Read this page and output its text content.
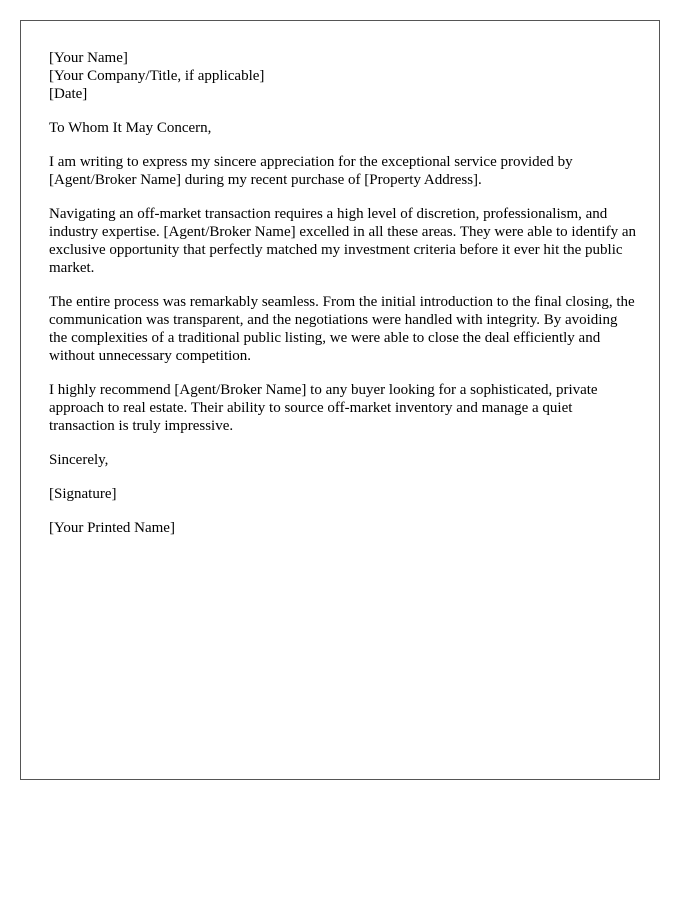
[Your Name]
[Your Company/Title, if applicable]
[Date]

To Whom It May Concern,

I am writing to express my sincere appreciation for the exceptional service provided by [Agent/Broker Name] during my recent purchase of [Property Address].

Navigating an off-market transaction requires a high level of discretion, professionalism, and industry expertise. [Agent/Broker Name] excelled in all these areas. They were able to identify an exclusive opportunity that perfectly matched my investment criteria before it ever hit the public market.

The entire process was remarkably seamless. From the initial introduction to the final closing, the communication was transparent, and the negotiations were handled with integrity. By avoiding the complexities of a traditional public listing, we were able to close the deal efficiently and without unnecessary competition.

I highly recommend [Agent/Broker Name] to any buyer looking for a sophisticated, private approach to real estate. Their ability to source off-market inventory and manage a quiet transaction is truly impressive.

Sincerely,

[Signature]

[Your Printed Name]
